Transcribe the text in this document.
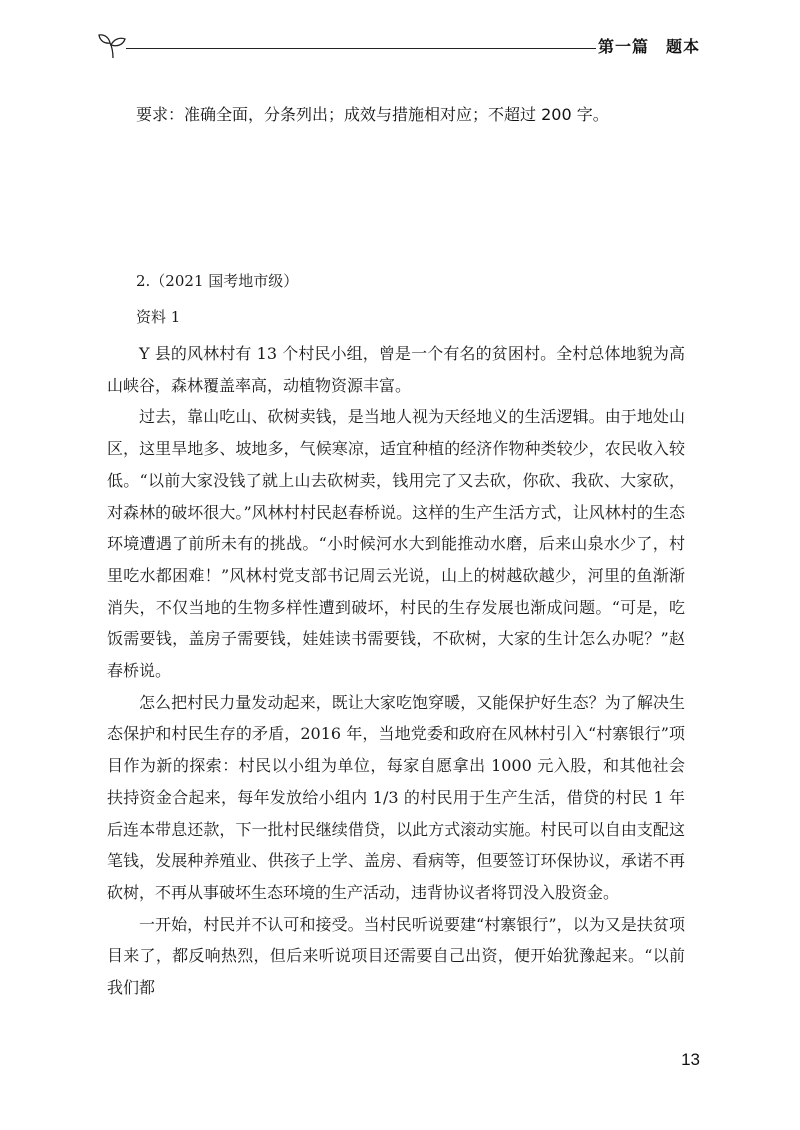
第一篇　题本
要求：准确全面，分条列出；成效与措施相对应；不超过 200 字。
2.（2021 国考地市级）
资料 1

Y 县的风林村有 13 个村民小组，曾是一个有名的贫困村。全村总体地貌为高山峡谷，森林覆盖率高，动植物资源丰富。

过去，靠山吃山、砍树卖钱，是当地人视为天经地义的生活逻辑。由于地处山区，这里旱地多、坡地多，气候寒凉，适宜种植的经济作物种类较少，农民收入较低。“以前大家没钱了就上山去砍树卖，钱用完了又去砍，你砍、我砍、大家砍，对森林的破坏很大。”风林村村民赵春桥说。这样的生产生活方式，让风林村的生态环境遭遇了前所未有的挑战。“小时候河水大到能推动水磨，后来山泉水少了，村里吃水都困难！”风林村党支部书记周云光说，山上的树越砍越少，河里的鱼渐渐消失，不仅当地的生物多样性遭到破坏，村民的生存发展也渐成问题。“可是，吃饭需要钱，盖房子需要钱，娃娃读书需要钱，不砍树，大家的生计怎么办呢？”赵春桥说。

怎么把村民力量发动起来，既让大家吃饱穿暖，又能保护好生态？为了解决生态保护和村民生存的矛盾，2016 年，当地党委和政府在风林村引入“村寨银行”项目作为新的探索：村民以小组为单位，每家自愿拿出 1000 元入股，和其他社会扶持资金合起来，每年发放给小组内 1/3 的村民用于生产生活，借贷的村民 1 年后连本带息还款，下一批村民继续借贷，以此方式滚动实施。村民可以自由支配这笔钱，发展种养殖业、供孩子上学、盖房、看病等，但要签订环保协议，承诺不再砍树，不再从事破坏生态环境的生产活动，违背协议者将罚没入股资金。

一开始，村民并不认可和接受。当村民听说要建“村寨银行”，以为又是扶贫项目来了，都反响热烈，但后来听说项目还需要自己出资，便开始犹豫起来。“以前我们都

13
